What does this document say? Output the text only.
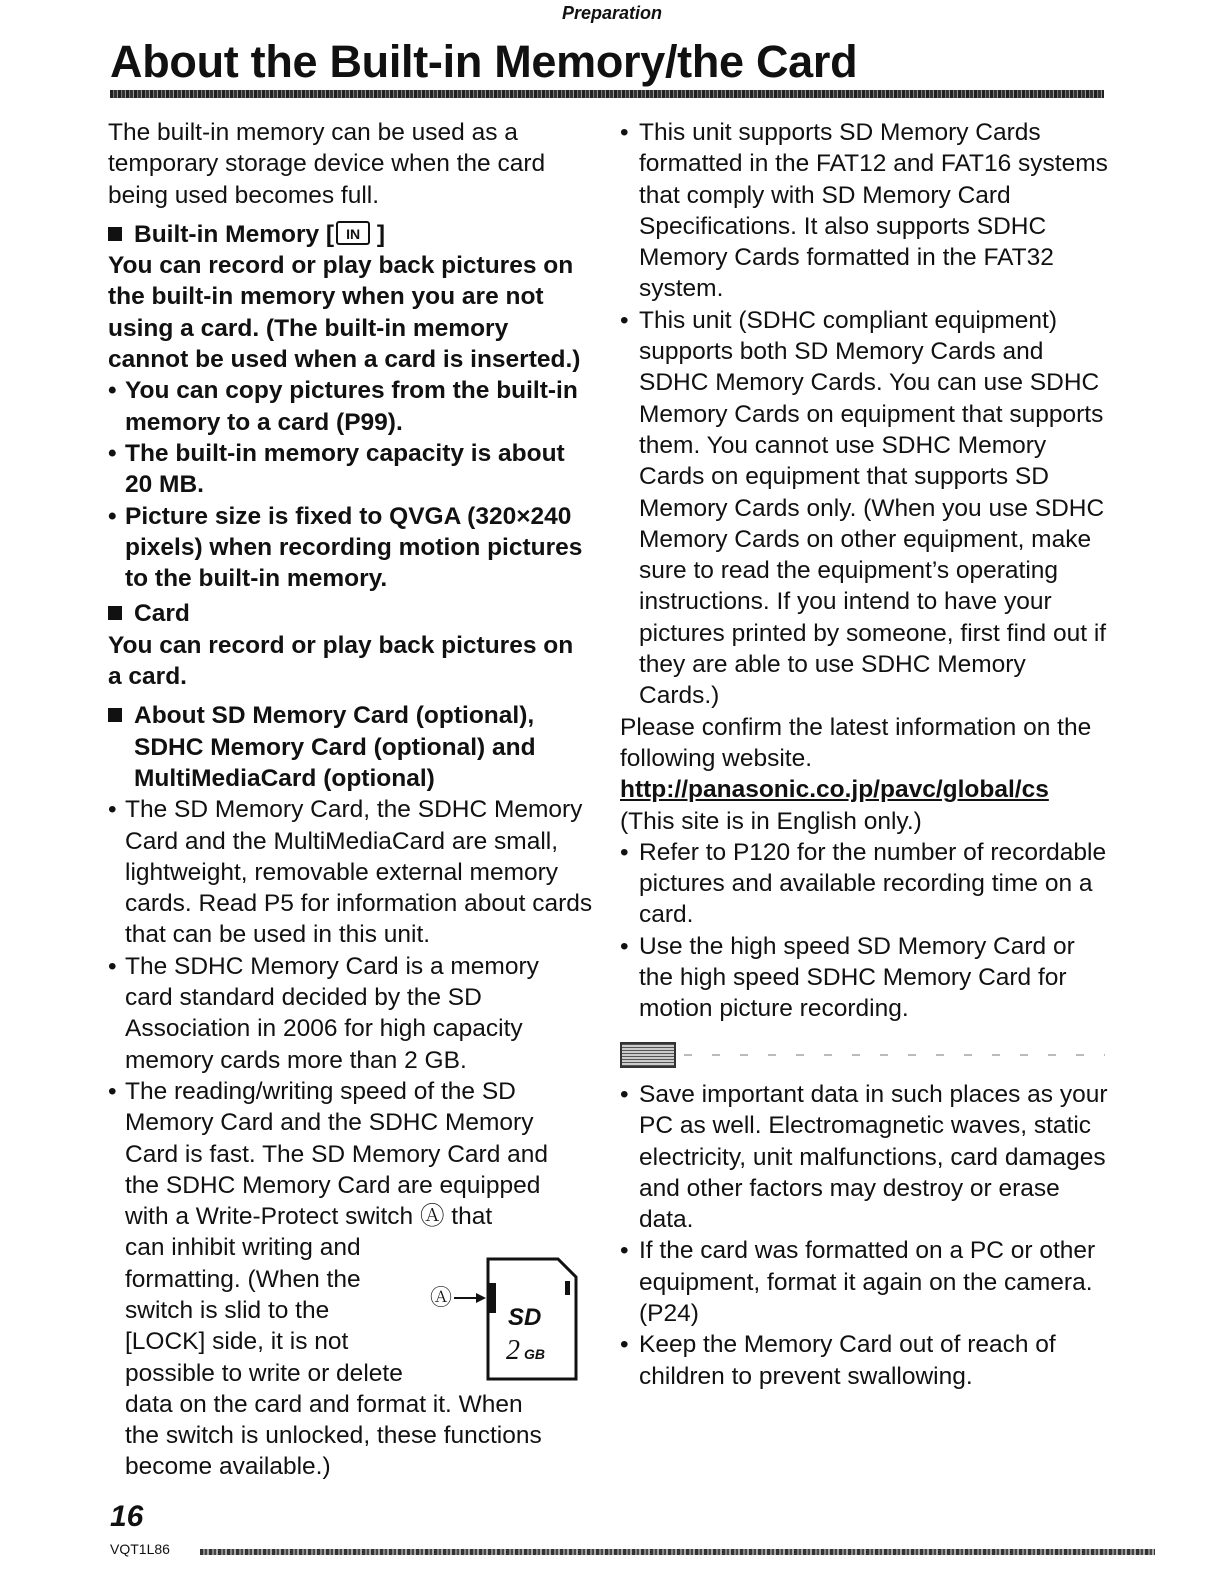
Preparation
About the Built-in Memory/the Card

The built-in memory can be used as a temporary storage device when the card being used becomes full.

Built-in Memory [ IN ]

You can record or play back pictures on the built-in memory when you are not using a card. (The built-in memory cannot be used when a card is inserted.)

• You can copy pictures from the built-in memory to a card (P99).
• The built-in memory capacity is about 20 MB.
• Picture size is fixed to QVGA (320×240 pixels) when recording motion pictures to the built-in memory.

Card

You can record or play back pictures on a card.

About SD Memory Card (optional), SDHC Memory Card (optional) and MultiMediaCard (optional)

• The SD Memory Card, the SDHC Memory Card and the MultiMediaCard are small, lightweight, removable external memory cards. Read P5 for information about cards that can be used in this unit.
• The SDHC Memory Card is a memory card standard decided by the SD Association in 2006 for high capacity memory cards more than 2 GB.
• The reading/writing speed of the SD
Memory Card and the SDHC Memory
Card is fast. The SD Memory Card and
the SDHC Memory Card are equipped
with a Write-Protect switch Ⓐ that
can inhibit writing and
formatting. (When the
switch is slid to the
[LOCK] side, it is not
possible to write or delete
data on the card and format it. When
the switch is unlocked, these functions
become available.)
Ⓐ
SD
2 GB
• This unit supports SD Memory Cards formatted in the FAT12 and FAT16 systems that comply with SD Memory Card Specifications. It also supports SDHC Memory Cards formatted in the FAT32 system.
• This unit (SDHC compliant equipment) supports both SD Memory Cards and SDHC Memory Cards. You can use SDHC Memory Cards on equipment that supports them. You cannot use SDHC Memory Cards on equipment that supports SD Memory Cards only. (When you use SDHC Memory Cards on other equipment, make sure to read the equipment’s operating instructions. If you intend to have your pictures printed by someone, first find out if they are able to use SDHC Memory Cards.)

Please confirm the latest information on the following website.

http://panasonic.co.jp/pavc/global/cs

(This site is in English only.)

• Refer to P120 for the number of recordable pictures and available recording time on a card.
• Use the high speed SD Memory Card or the high speed SDHC Memory Card for motion picture recording.
• Save important data in such places as your PC as well. Electromagnetic waves, static electricity, unit malfunctions, card damages and other factors may destroy or erase data.
• If the card was formatted on a PC or other equipment, format it again on the camera. (P24)
• Keep the Memory Card out of reach of children to prevent swallowing.
16
VQT1L86
